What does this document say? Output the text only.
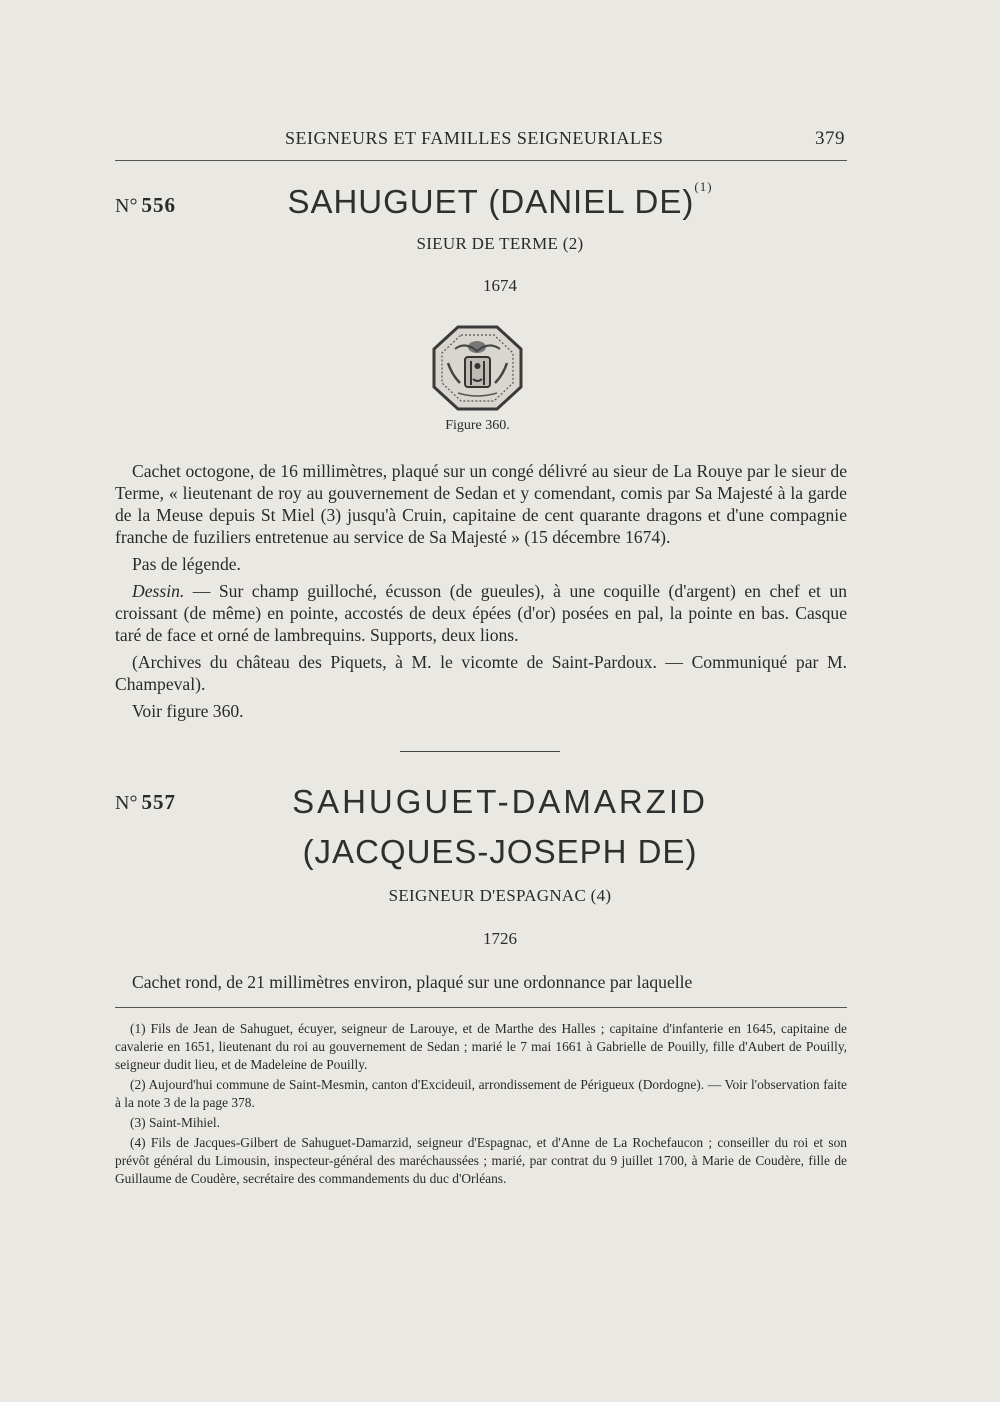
SEIGNEURS ET FAMILLES SEIGNEURIALES	379
N° 556	SAHUGUET (DANIEL DE)$^{(1)}$
SIEUR DE TERME (2)
1674
Figure 360.

Cachet octogone, de 16 millimètres, plaqué sur un congé délivré au sieur de La Rouye par le sieur de Terme, « lieutenant de roy au gouvernement de Sedan et y comendant, comis par Sa Majesté à la garde de la Meuse depuis St Miel (3) jusqu'à Cruin, capitaine de cent quarante dragons et d'une compagnie franche de fuziliers entretenue au service de Sa Majesté » (15 décembre 1674).

Pas de légende.

Dessin. — Sur champ guilloché, écusson (de gueules), à une coquille (d'argent) en chef et un croissant (de même) en pointe, accostés de deux épées (d'or) posées en pal, la pointe en bas. Casque taré de face et orné de lambrequins. Supports, deux lions.

(Archives du château des Piquets, à M. le vicomte de Saint-Pardoux. — Communiqué par M. Champeval).

Voir figure 360.

N° 557	SAHUGUET-DAMARZID
(JACQUES-JOSEPH DE)
SEIGNEUR D'ESPAGNAC (4)
1726

Cachet rond, de 21 millimètres environ, plaqué sur une ordonnance par laquelle

(1) Fils de Jean de Sahuguet, écuyer, seigneur de Larouye, et de Marthe des Halles ; capitaine d'infanterie en 1645, capitaine de cavalerie en 1651, lieutenant du roi au gouvernement de Sedan ; marié le 7 mai 1661 à Gabrielle de Pouilly, fille d'Aubert de Pouilly, seigneur dudit lieu, et de Madeleine de Pouilly.

(2) Aujourd'hui commune de Saint-Mesmin, canton d'Excideuil, arrondissement de Périgueux (Dordogne). — Voir l'observation faite à la note 3 de la page 378.

(3) Saint-Mihiel.

(4) Fils de Jacques-Gilbert de Sahuguet-Damarzid, seigneur d'Espagnac, et d'Anne de La Rochefaucon ; conseiller du roi et son prévôt général du Limousin, inspecteur-général des maréchaussées ; marié, par contrat du 9 juillet 1700, à Marie de Coudère, fille de Guillaume de Coudère, secrétaire des commandements du duc d'Orléans.
